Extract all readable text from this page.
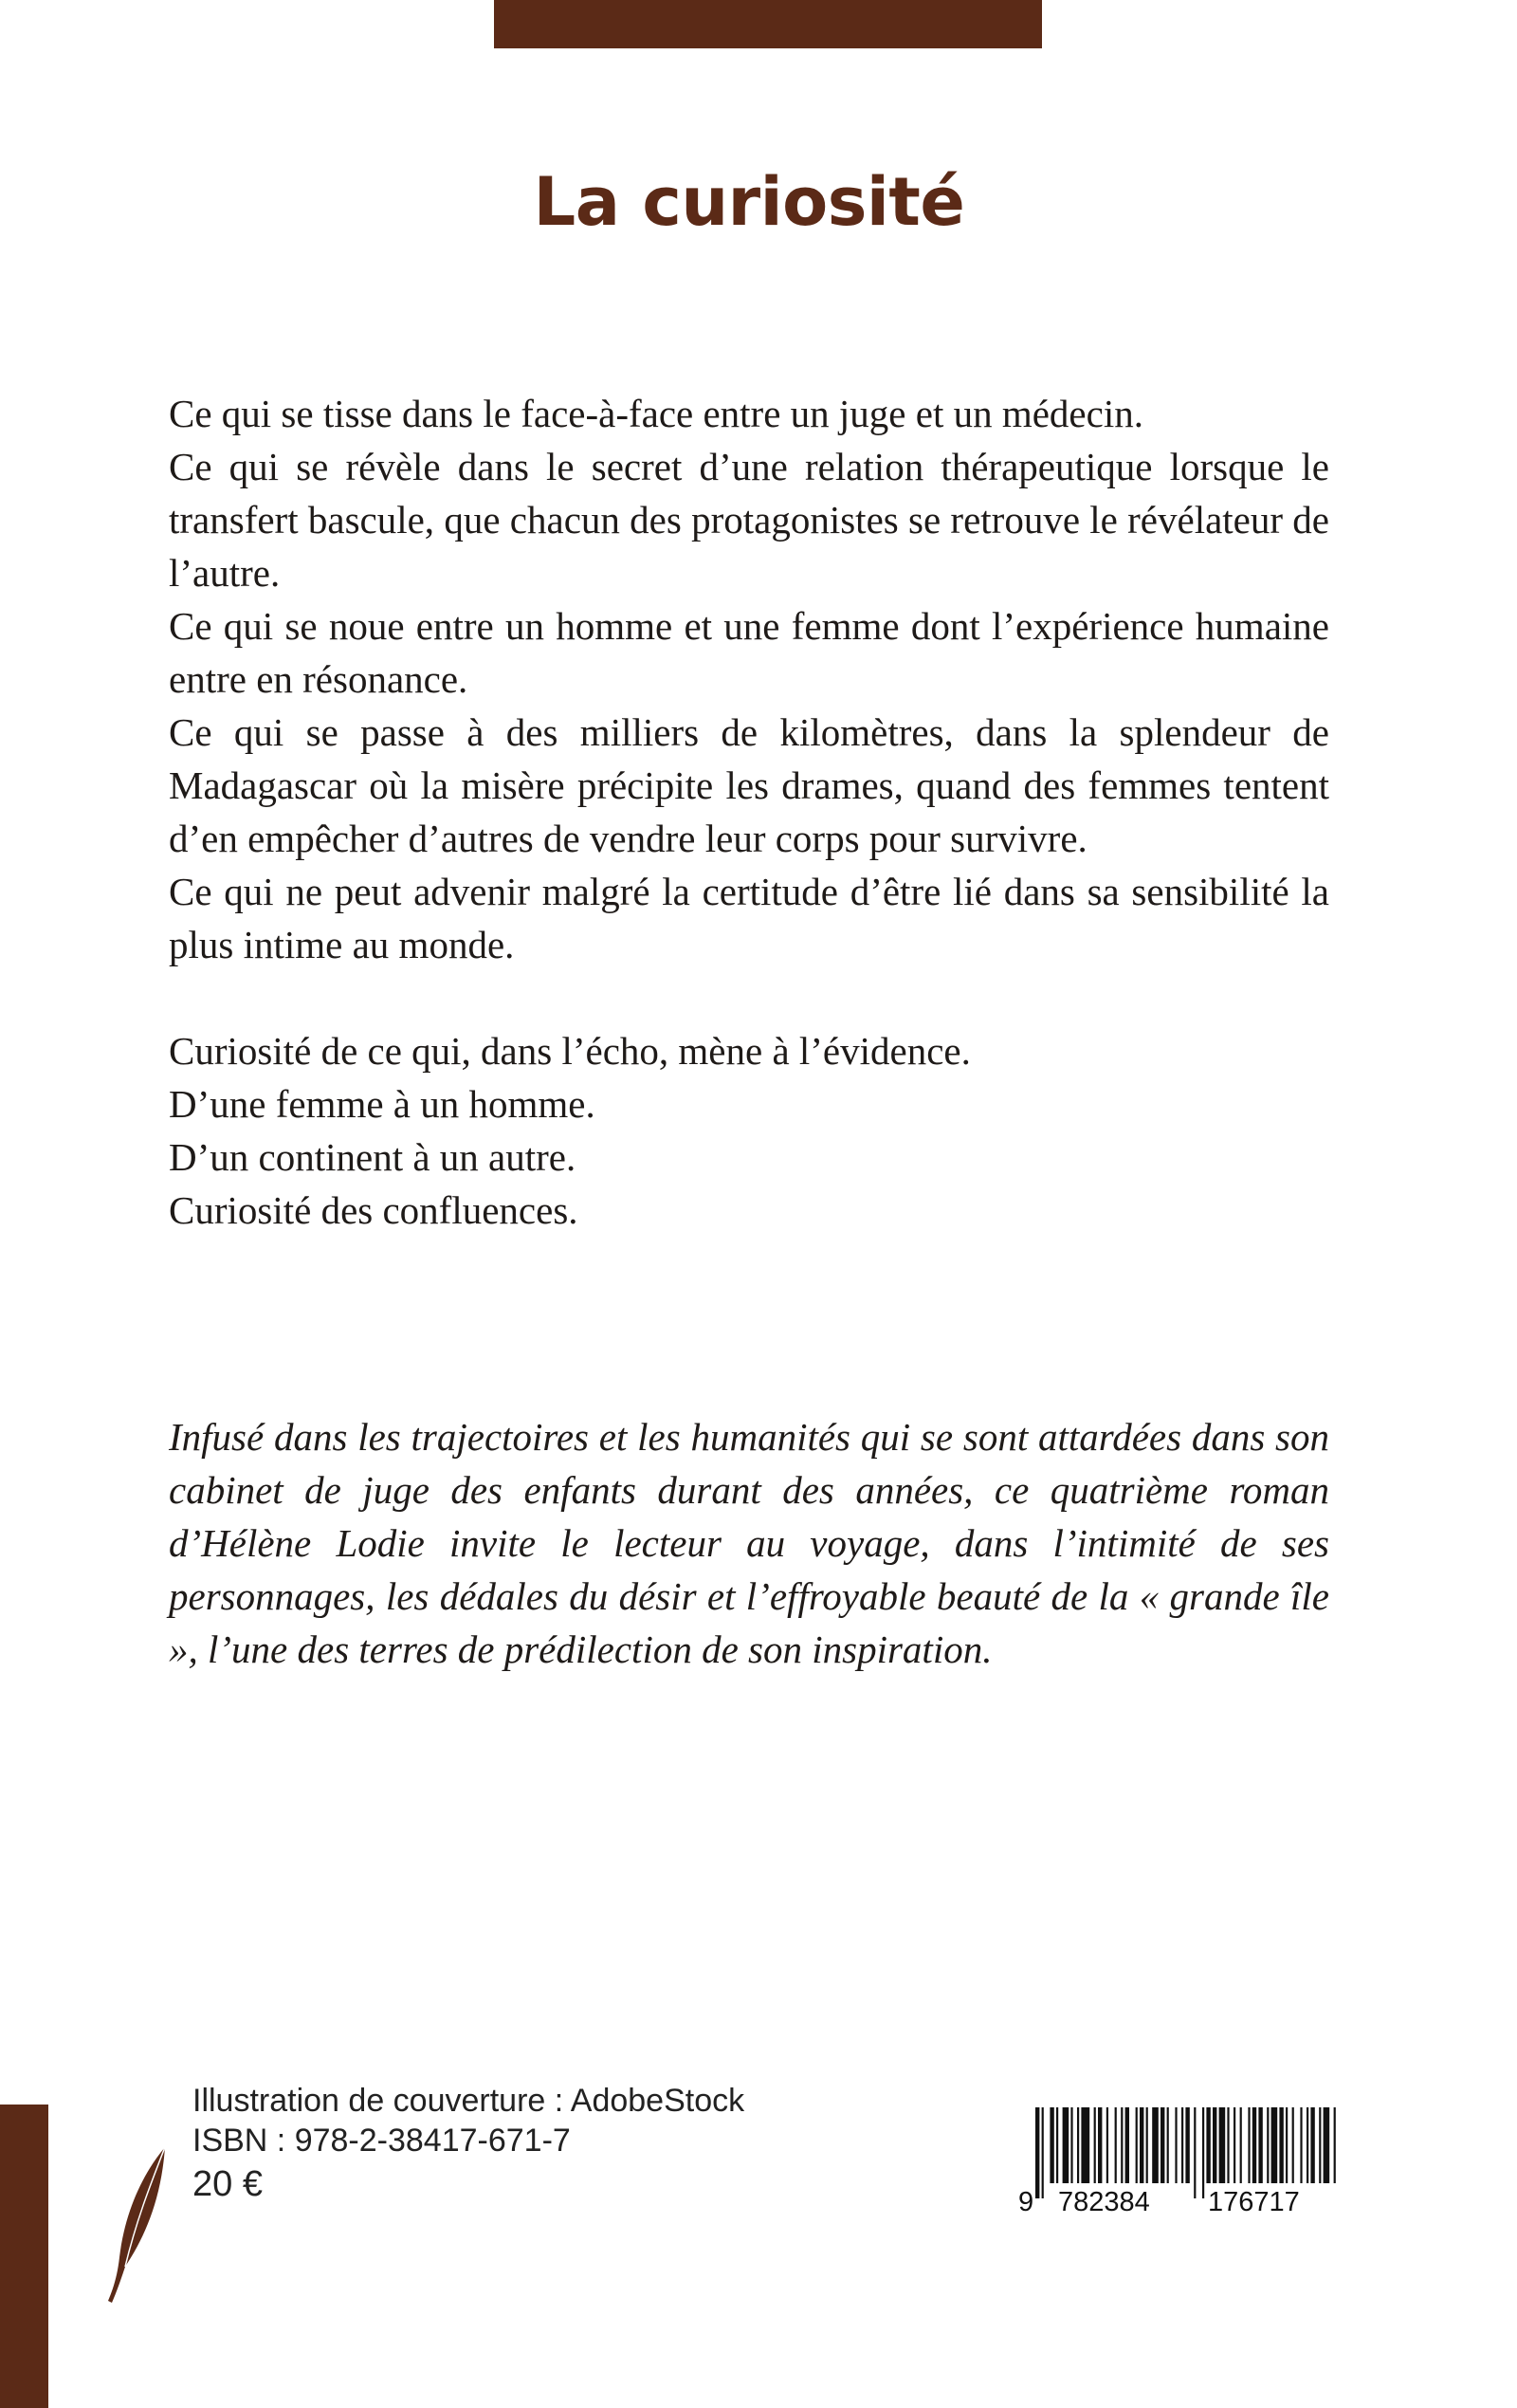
La curiosité

Ce qui se tisse dans le face-à-face entre un juge et un médecin.

Ce qui se révèle dans le secret d’une relation thérapeutique lorsque le transfert bascule, que chacun des protagonistes se retrouve le révélateur de l’autre.

Ce qui se noue entre un homme et une femme dont l’expérience humaine entre en résonance.

Ce qui se passe à des milliers de kilomètres, dans la splendeur de Madagascar où la misère précipite les drames, quand des femmes tentent d’en empêcher d’autres de vendre leur corps pour survivre.

Ce qui ne peut advenir malgré la certitude d’être lié dans sa sensibilité la plus intime au monde.

Curiosité de ce qui, dans l’écho, mène à l’évidence.

D’une femme à un homme.

D’un continent à un autre.

Curiosité des confluences.

Infusé dans les trajectoires et les humanités qui se sont attardées dans son cabinet de juge des enfants durant des années, ce quatrième roman d’Hélène Lodie invite le lecteur au voyage, dans l’intimité de ses personnages, les dédales du désir et l’effroyable beauté de la « grande île », l’une des terres de prédilection de son inspiration.

Illustration de couverture : AdobeStock
ISBN : 978-2-38417-671-7
20 €	9 782384 176717
